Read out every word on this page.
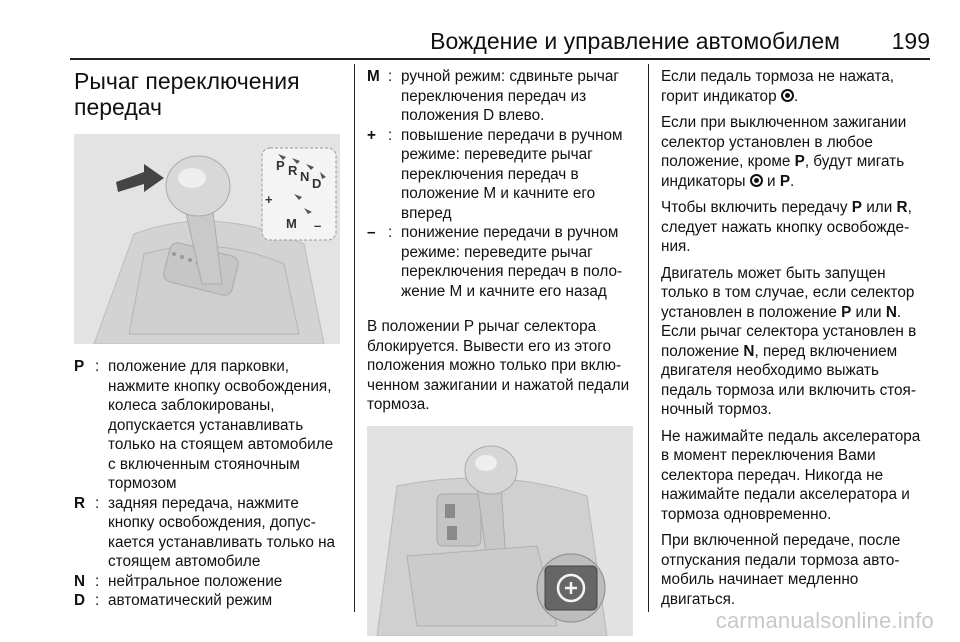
Вождение и управление автомобилем 199
Рычаг переключения
передач
P R N D
+
M –
P : положение для парковки, нажмите кнопку освобождения, колеса заблокированы, допускается устанавливать только на стоящем автомобиле с включенным стояночным тормозом
R : задняя передача, нажмите кнопку освобождения, допускается устанавливать только на стоящем автомобиле
N : нейтральное положение
D : автоматический режим
M : ручной режим: сдвиньте рычаг переключения передач из положения D влево.
+ : повышение передачи в ручном режиме: переведите рычаг переключения передач в положение M и качните его вперед
– : понижение передачи в ручном режиме: переведите рычаг переключения передач в положение M и качните его назад
В положении P рычаг селектора блокируется. Вывести его из этого положения можно только при включенном зажигании и нажатой педали тормоза.
Если педаль тормоза не нажата, горит индикатор .
Если при выключенном зажигании селектор установлен в любое положение, кроме P, будут мигать индикаторы и P.
Чтобы включить передачу P или R, следует нажать кнопку освобождения.
Двигатель может быть запущен только в том случае, если селектор установлен в положение P или N. Если рычаг селектора установлен в положение N, перед включением двигателя необходимо выжать педаль тормоза или включить стояночный тормоз.
Не нажимайте педаль акселератора в момент переключения Вами селектора передач. Никогда не нажимайте педали акселератора и тормоза одновременно.
При включенной передаче, после отпускания педали тормоза автомобиль начинает медленно двигаться.
carmanualsonline.info
